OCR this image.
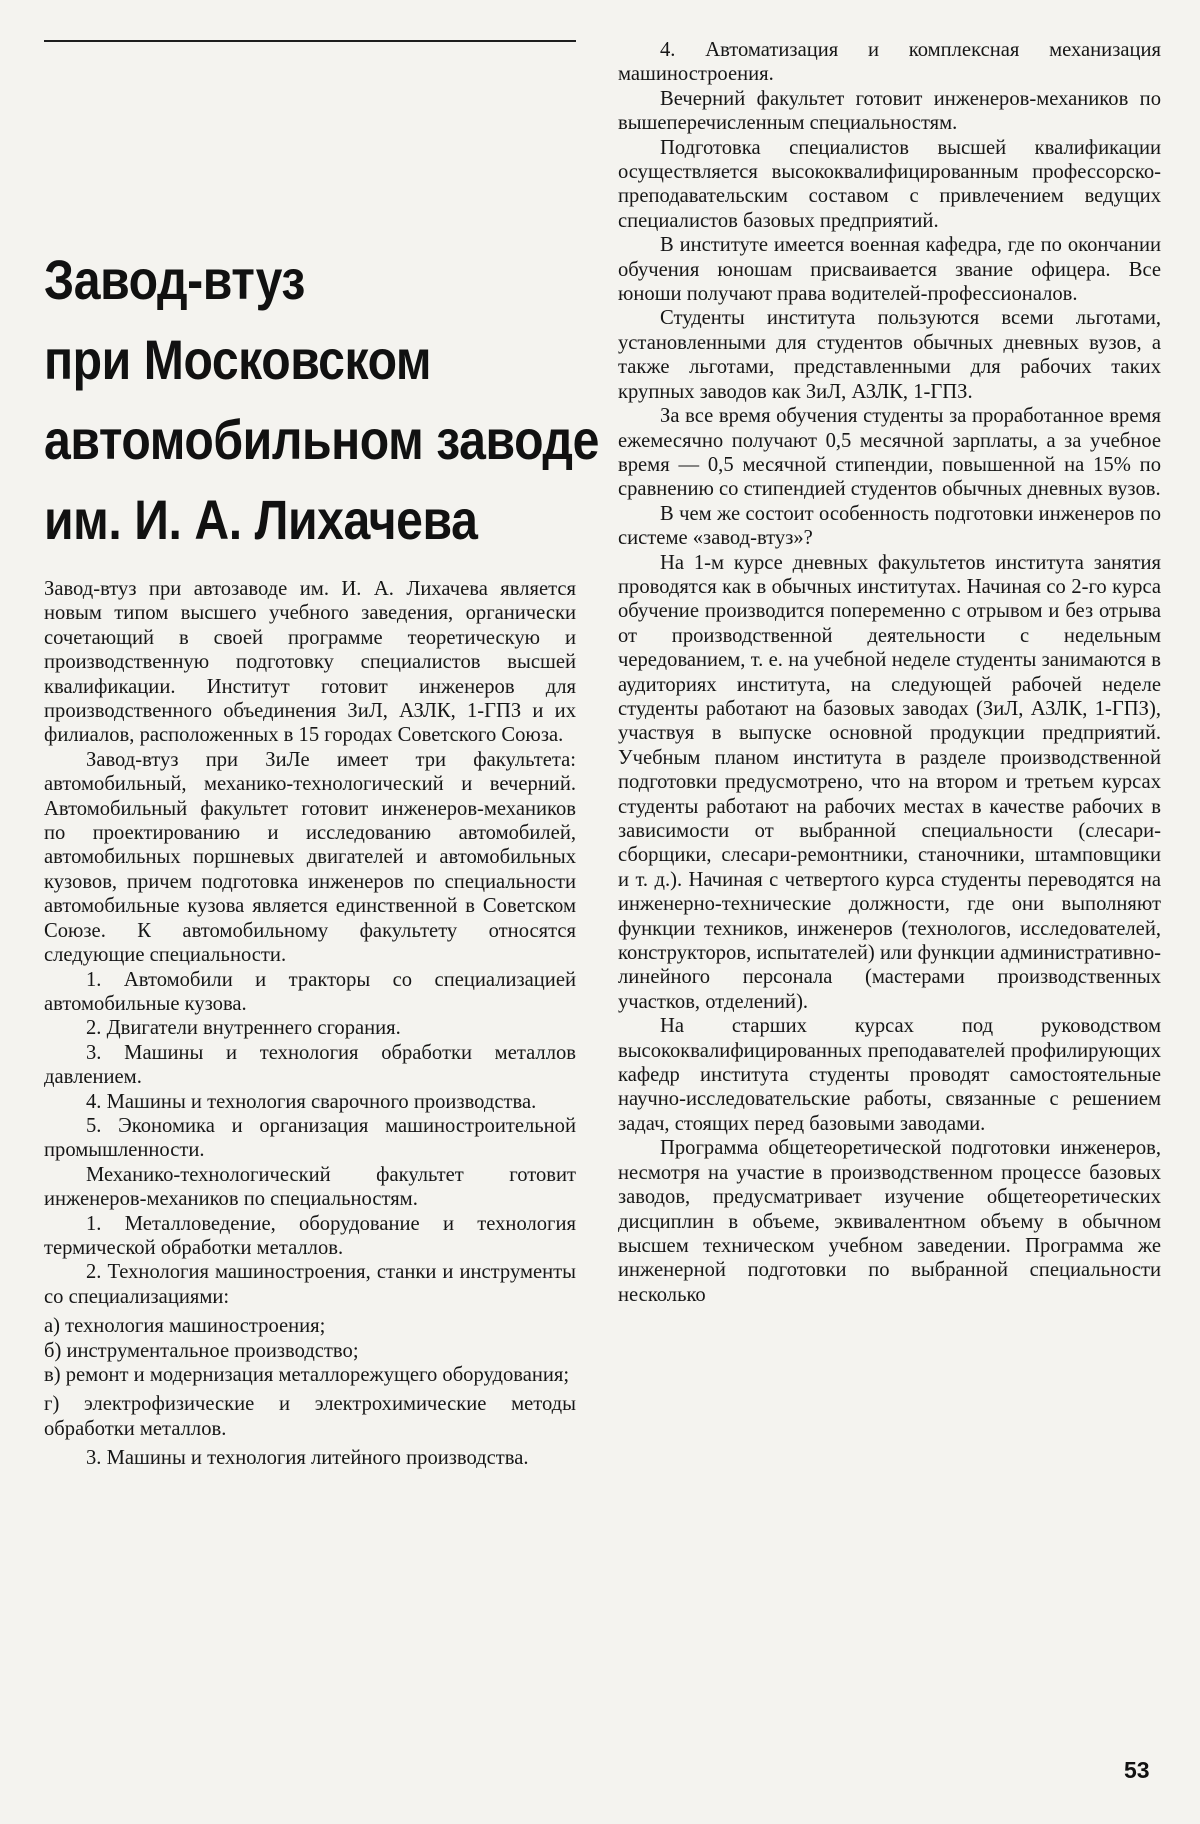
Завод-втуз
при Московском
автомобильном заводе
им. И. А. Лихачева

Завод-втуз при автозаводе им. И. А. Лихачева является новым типом высшего учебного заведения, органически сочетающий в своей программе теоретическую и производственную подготовку специалистов высшей квалификации. Институт готовит инженеров для производственного объединения ЗиЛ, АЗЛК, 1-ГПЗ и их филиалов, расположенных в 15 городах Советского Союза.

Завод-втуз при ЗиЛе имеет три факультета: автомобильный, механико-технологический и вечерний. Автомобильный факультет готовит инженеров-механиков по проектированию и исследованию автомобилей, автомобильных поршневых двигателей и автомобильных кузовов, причем подготовка инженеров по специальности автомобильные кузова является единственной в Советском Союзе. К автомобильному факультету относятся следующие специальности.

1. Автомобили и тракторы со специализацией автомобильные кузова.

2. Двигатели внутреннего сгорания.

3. Машины и технология обработки металлов давлением.

4. Машины и технология сварочного производства.

5. Экономика и организация машиностроительной промышленности.

Механико-технологический факультет готовит инженеров-механиков по специальностям.

1. Металловедение, оборудование и технология термической обработки металлов.

2. Технология машиностроения, станки и инструменты со специализациями:

а) технология машиностроения;

б) инструментальное производство;

в) ремонт и модернизация металлорежущего оборудования;

г) электрофизические и электрохимические методы обработки металлов.

3. Машины и технология литейного производства.

4. Автоматизация и комплексная механизация машиностроения.

Вечерний факультет готовит инженеров-механиков по вышеперечисленным специальностям.

Подготовка специалистов высшей квалификации осуществляется высококвалифицированным профессорско-преподавательским составом с привлечением ведущих специалистов базовых предприятий.

В институте имеется военная кафедра, где по окончании обучения юношам присваивается звание офицера. Все юноши получают права водителей-профессионалов.

Студенты института пользуются всеми льготами, установленными для студентов обычных дневных вузов, а также льготами, представленными для рабочих таких крупных заводов как ЗиЛ, АЗЛК, 1-ГПЗ.

За все время обучения студенты за проработанное время ежемесячно получают 0,5 месячной зарплаты, а за учебное время — 0,5 месячной стипендии, повышенной на 15% по сравнению со стипендией студентов обычных дневных вузов.

В чем же состоит особенность подготовки инженеров по системе «завод-втуз»?

На 1-м курсе дневных факультетов института занятия проводятся как в обычных институтах. Начиная со 2-го курса обучение производится попеременно с отрывом и без отрыва от производственной деятельности с недельным чередованием, т. е. на учебной неделе студенты занимаются в аудиториях института, на следующей рабочей неделе студенты работают на базовых заводах (ЗиЛ, АЗЛК, 1-ГПЗ), участвуя в выпуске основной продукции предприятий. Учебным планом института в разделе производственной подготовки предусмотрено, что на втором и третьем курсах студенты работают на рабочих местах в качестве рабочих в зависимости от выбранной специальности (слесари-сборщики, слесари-ремонтники, станочники, штамповщики и т. д.). Начиная с четвертого курса студенты переводятся на инженерно-технические должности, где они выполняют функции техников, инженеров (технологов, исследователей, конструкторов, испытателей) или функции административно-линейного персонала (мастерами производственных участков, отделений).

На старших курсах под руководством высококвалифицированных преподавателей профилирующих кафедр института студенты проводят самостоятельные научно-исследовательские работы, связанные с решением задач, стоящих перед базовыми заводами.

Программа общетеоретической подготовки инженеров, несмотря на участие в производственном процессе базовых заводов, предусматривает изучение общетеоретических дисциплин в объеме, эквивалентном объему в обычном высшем техническом учебном заведении. Программа же инженерной подготовки по выбранной специальности несколько

53
